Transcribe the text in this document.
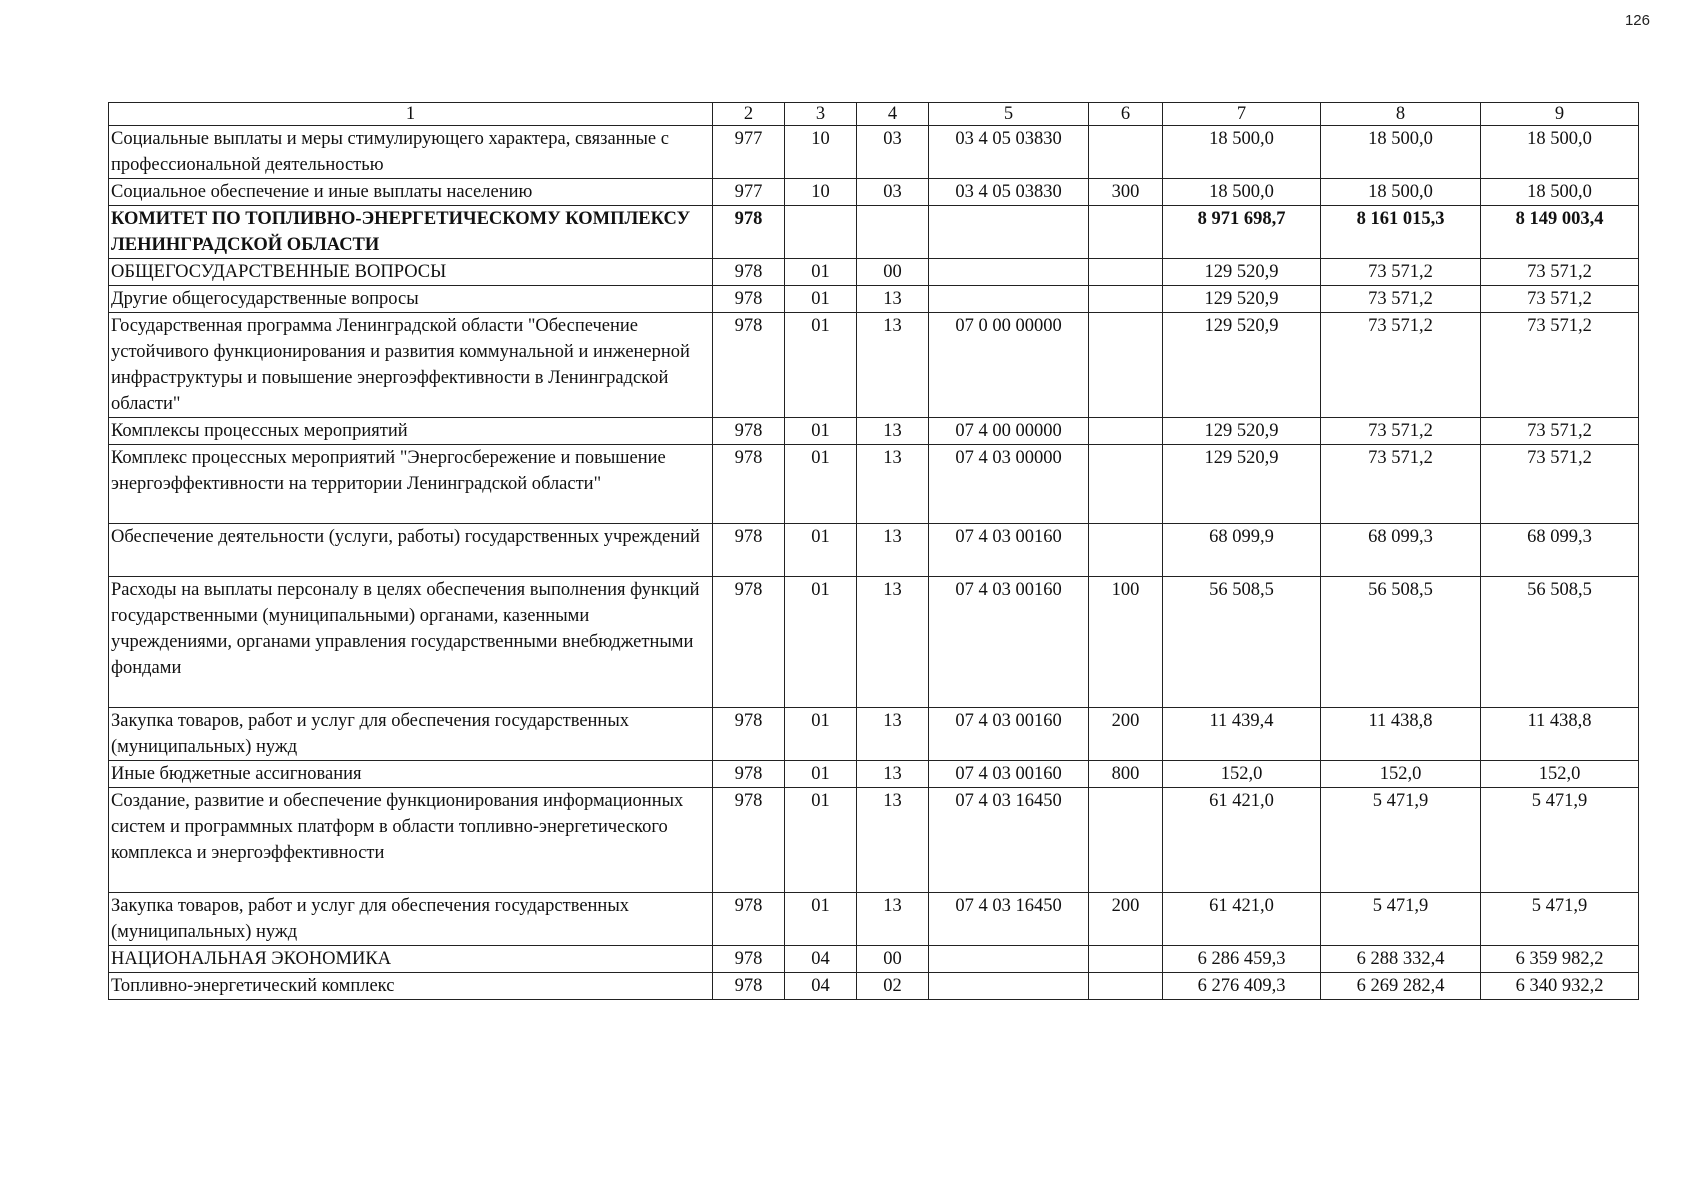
126
1	2	3	4	5	6	7	8	9
Социальные выплаты и меры стимулирующего характера, связанные с профессиональной деятельностью	977	10	03	03 4 05 03830		18 500,0	18 500,0	18 500,0
Социальное обеспечение и иные выплаты населению	977	10	03	03 4 05 03830	300	18 500,0	18 500,0	18 500,0
КОМИТЕТ ПО ТОПЛИВНО-ЭНЕРГЕТИЧЕСКОМУ КОМПЛЕКСУ ЛЕНИНГРАДСКОЙ ОБЛАСТИ	978					8 971 698,7	8 161 015,3	8 149 003,4
ОБЩЕГОСУДАРСТВЕННЫЕ ВОПРОСЫ	978	01	00			129 520,9	73 571,2	73 571,2
Другие общегосударственные вопросы	978	01	13			129 520,9	73 571,2	73 571,2
Государственная программа Ленинградской области "Обеспечение устойчивого функционирования и развития коммунальной и инженерной инфраструктуры и повышение энергоэффективности в Ленинградской области"	978	01	13	07 0 00 00000		129 520,9	73 571,2	73 571,2
Комплексы процессных мероприятий	978	01	13	07 4 00 00000		129 520,9	73 571,2	73 571,2
Комплекс процессных мероприятий "Энергосбережение и повышение энергоэффективности на территории Ленинградской области"	978	01	13	07 4 03 00000		129 520,9	73 571,2	73 571,2
Обеспечение деятельности (услуги, работы) государственных учреждений	978	01	13	07 4 03 00160		68 099,9	68 099,3	68 099,3
Расходы на выплаты персоналу в целях обеспечения выполнения функций государственными (муниципальными) органами, казенными учреждениями, органами управления государственными внебюджетными фондами	978	01	13	07 4 03 00160	100	56 508,5	56 508,5	56 508,5
Закупка товаров, работ и услуг для обеспечения государственных (муниципальных) нужд	978	01	13	07 4 03 00160	200	11 439,4	11 438,8	11 438,8
Иные бюджетные ассигнования	978	01	13	07 4 03 00160	800	152,0	152,0	152,0
Создание, развитие и обеспечение функционирования информационных систем и программных платформ в области топливно-энергетического комплекса и энергоэффективности	978	01	13	07 4 03 16450		61 421,0	5 471,9	5 471,9
Закупка товаров, работ и услуг для обеспечения государственных (муниципальных) нужд	978	01	13	07 4 03 16450	200	61 421,0	5 471,9	5 471,9
НАЦИОНАЛЬНАЯ ЭКОНОМИКА	978	04	00			6 286 459,3	6 288 332,4	6 359 982,2
Топливно-энергетический комплекс	978	04	02			6 276 409,3	6 269 282,4	6 340 932,2
